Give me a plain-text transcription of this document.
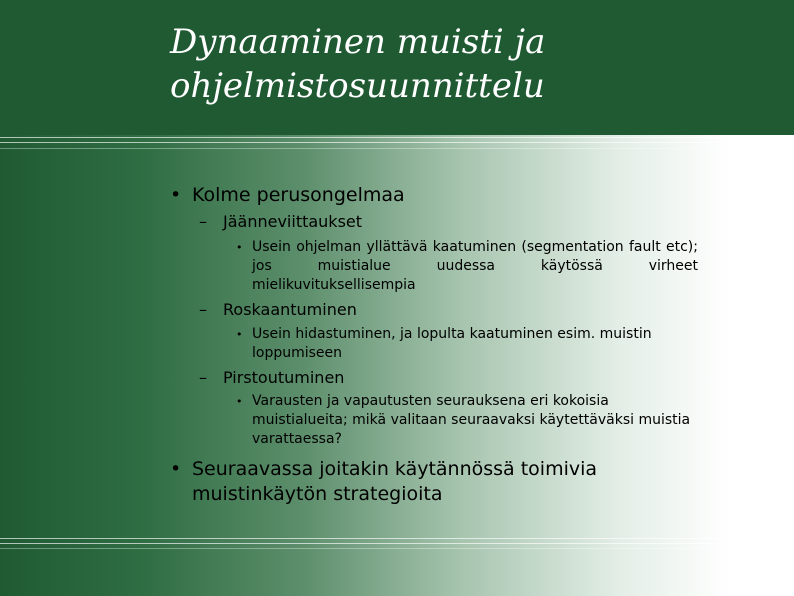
Dynaaminen muisti ja
ohjelmistosuunnittelu
• Kolme perusongelmaa
– Jäänneviittaukset
• Usein ohjelman yllättävä kaatuminen (segmentation fault etc); jos muistialue uudessa käytössä virheet mielikuvituksellisempia
– Roskaantuminen
• Usein hidastuminen, ja lopulta kaatuminen esim. muistin loppumiseen
– Pirstoutuminen
• Varausten ja vapautusten seurauksena eri kokoisia muistialueita; mikä valitaan seuraavaksi käytettäväksi muistia varattaessa?
• Seuraavassa joitakin käytännössä toimivia muistinkäytön strategioita
